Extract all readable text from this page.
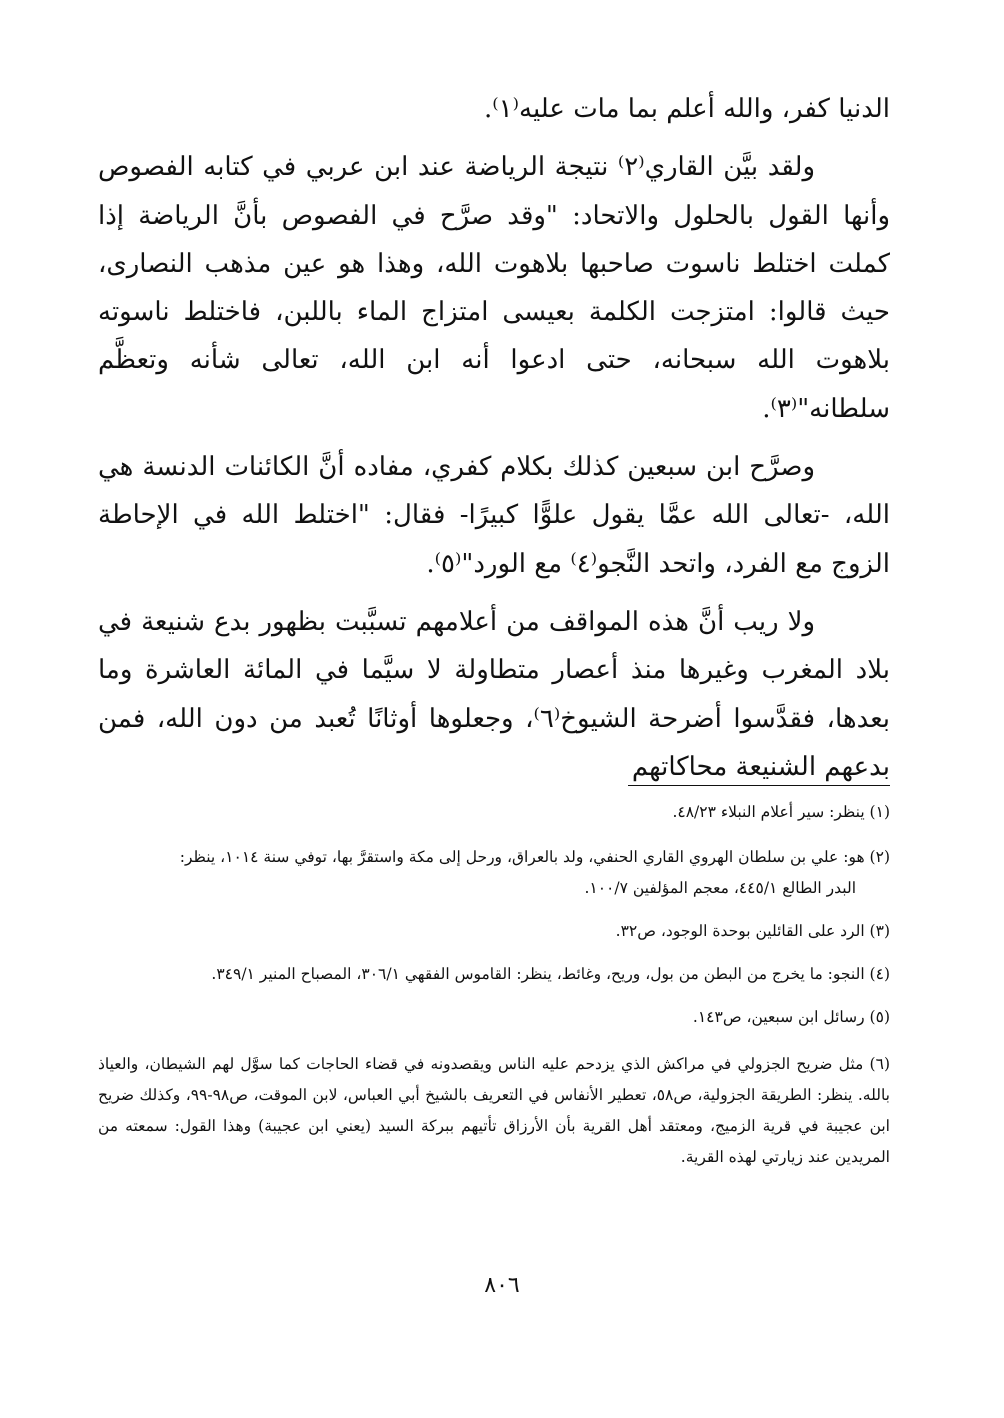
الدنيا كفر، والله أعلم بما مات عليه⁽١⁾.

ولقد بيَّن القاري⁽٢⁾ نتيجة الرياضة عند ابن عربي في كتابه الفصوص وأنها القول بالحلول والاتحاد: "وقد صرَّح في الفصوص بأنَّ الرياضة إذا كملت اختلط ناسوت صاحبها بلاهوت الله، وهذا هو عين مذهب النصارى، حيث قالوا: امتزجت الكلمة بعيسى امتزاج الماء باللبن، فاختلط ناسوته بلاهوت الله سبحانه، حتى ادعوا أنه ابن الله، تعالى شأنه وتعظَّم سلطانه"⁽٣⁾.

وصرَّح ابن سبعين كذلك بكلام كفري، مفاده أنَّ الكائنات الدنسة هي الله، -تعالى الله عمَّا يقول علوًّا كبيرًا- فقال: "اختلط الله في الإحاطة الزوج مع الفرد، واتحد النَّجو⁽٤⁾ مع الورد"⁽٥⁾.

ولا ريب أنَّ هذه المواقف من أعلامهم تسبَّبت بظهور بدع شنيعة في بلاد المغرب وغيرها منذ أعصار متطاولة لا سيَّما في المائة العاشرة وما بعدها، فقدَّسوا أضرحة الشيوخ⁽٦⁾، وجعلوها أوثانًا تُعبد من دون الله، فمن بدعهم الشنيعة محاكاتهم

(١) ينظر: سير أعلام النبلاء ٤٨/٢٣.

(٢) هو: علي بن سلطان الهروي القاري الحنفي، ولد بالعراق، ورحل إلى مكة واستقرَّ بها، توفي سنة ١٠١٤، ينظر:
البدر الطالع ٤٤٥/١، معجم المؤلفين ١٠٠/٧.

(٣) الرد على القائلين بوحدة الوجود، ص٣٢.

(٤) النجو: ما يخرج من البطن من بول، وريح، وغائط، ينظر: القاموس الفقهي ٣٠٦/١، المصباح المنير ٣٤٩/١.

(٥) رسائل ابن سبعين، ص١٤٣.

(٦) مثل ضريح الجزولي في مراكش الذي يزدحم عليه الناس ويقصدونه في قضاء الحاجات كما سوَّل لهم الشيطان، والعياذ بالله. ينظر: الطريقة الجزولية، ص٥٨، تعطير الأنفاس في التعريف بالشيخ أبي العباس، لابن الموقت، ص٩٨-٩٩، وكذلك ضريح ابن عجيبة في قرية الزميج، ومعتقد أهل القرية بأن الأرزاق تأتيهم ببركة السيد (يعني ابن عجيبة) وهذا القول: سمعته من المريدين عند زيارتي لهذه القرية.

٨٠٦
